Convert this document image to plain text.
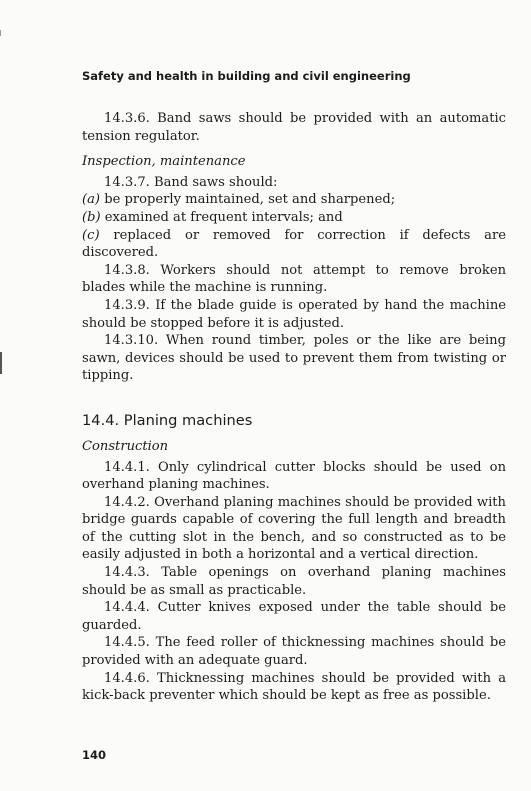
Safety and health in building and civil engineering

14.3.6. Band saws should be provided with an automatic tension regulator.

Inspection, maintenance

14.3.7. Band saws should:

(a) be properly maintained, set and sharpened;

(b) examined at frequent intervals; and

(c) replaced or removed for correction if defects are discovered.

14.3.8. Workers should not attempt to remove broken blades while the machine is running.

14.3.9. If the blade guide is operated by hand the machine should be stopped before it is adjusted.

14.3.10. When round timber, poles or the like are being sawn, devices should be used to prevent them from twisting or tipping.

14.4. Planing machines

Construction

14.4.1. Only cylindrical cutter blocks should be used on overhand planing machines.

14.4.2. Overhand planing machines should be provided with bridge guards capable of covering the full length and breadth of the cutting slot in the bench, and so constructed as to be easily adjusted in both a horizontal and a vertical direction.

14.4.3. Table openings on overhand planing machines should be as small as practicable.

14.4.4. Cutter knives exposed under the table should be guarded.

14.4.5. The feed roller of thicknessing machines should be provided with an adequate guard.

14.4.6. Thicknessing machines should be provided with a kick-back preventer which should be kept as free as possible.

140
